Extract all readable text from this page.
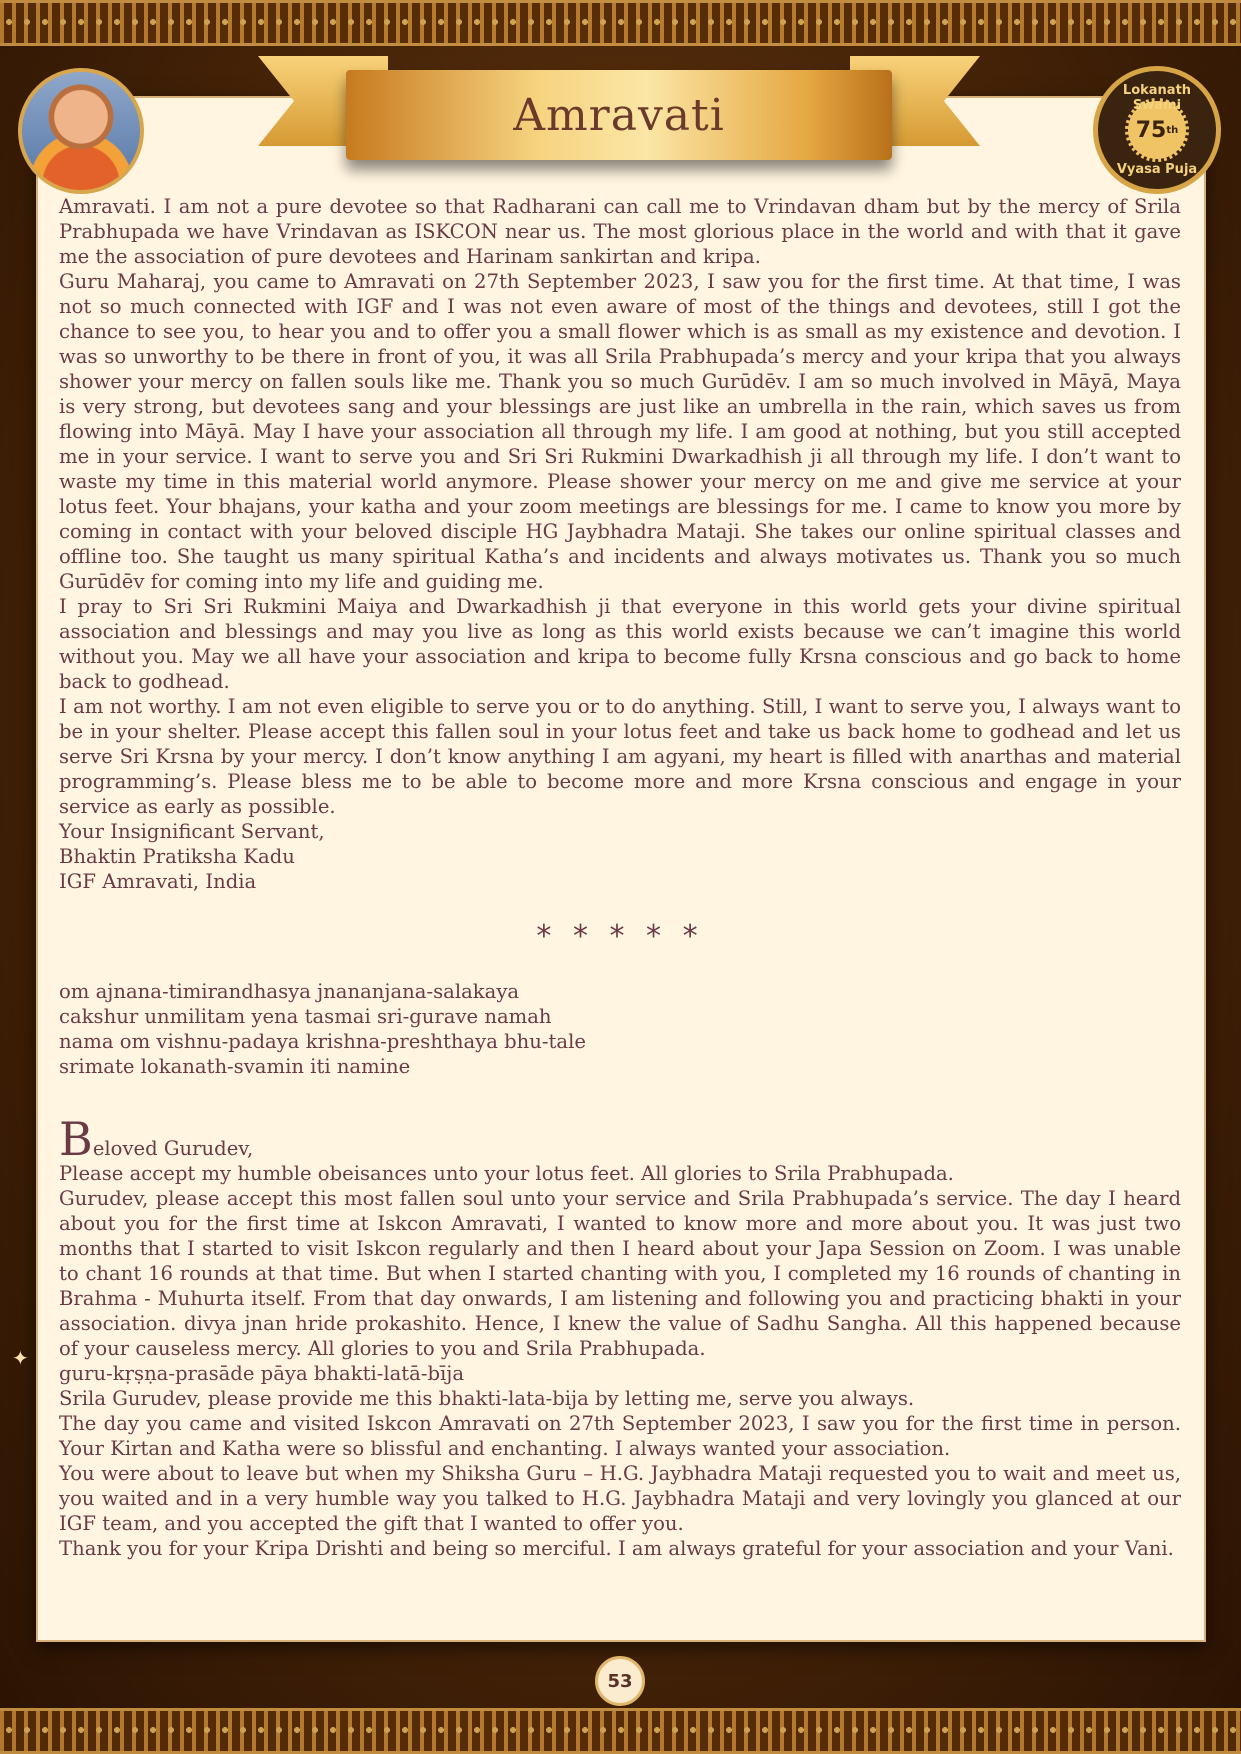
Amravati	Lokanath Swami
75 th
Vyasa Puja

Amravati. I am not a pure devotee so that Radharani can call me to Vrindavan dham but by the mercy of Srila Prabhupada we have Vrindavan as ISKCON near us. The most glorious place in the world and with that it gave me the association of pure devotees and Harinam sankirtan and kripa.

Guru Maharaj, you came to Amravati on 27th September 2023, I saw you for the first time. At that time, I was not so much connected with IGF and I was not even aware of most of the things and devotees, still I got the chance to see you, to hear you and to offer you a small flower which is as small as my existence and devotion. I was so unworthy to be there in front of you, it was all Srila Prabhupada’s mercy and your kripa that you always shower your mercy on fallen souls like me. Thank you so much Gurūdēv. I am so much involved in Māyā, Maya is very strong, but devotees sang and your blessings are just like an umbrella in the rain, which saves us from flowing into Māyā. May I have your association all through my life. I am good at nothing, but you still accepted me in your service. I want to serve you and Sri Sri Rukmini Dwarkadhish ji all through my life. I don’t want to waste my time in this material world anymore. Please shower your mercy on me and give me service at your lotus feet. Your bhajans, your katha and your zoom meetings are blessings for me. I came to know you more by coming in contact with your beloved disciple HG Jaybhadra Mataji. She takes our online spiritual classes and offline too. She taught us many spiritual Katha’s and incidents and always motivates us. Thank you so much Gurūdēv for coming into my life and guiding me.

I pray to Sri Sri Rukmini Maiya and Dwarkadhish ji that everyone in this world gets your divine spiritual association and blessings and may you live as long as this world exists because we can’t imagine this world without you. May we all have your association and kripa to become fully Krsna conscious and go back to home back to godhead.

I am not worthy. I am not even eligible to serve you or to do anything. Still, I want to serve you, I always want to be in your shelter. Please accept this fallen soul in your lotus feet and take us back home to godhead and let us serve Sri Krsna by your mercy. I don’t know anything I am agyani, my heart is filled with anarthas and material programming’s. Please bless me to be able to become more and more Krsna conscious and engage in your service as early as possible.

Your Insignificant Servant,

Bhaktin Pratiksha Kadu

IGF Amravati, India

* * * * *

om ajnana-timirandhasya jnananjana-salakaya

cakshur unmilitam yena tasmai sri-gurave namah

nama om vishnu-padaya krishna-preshthaya bhu-tale

srimate lokanath-svamin iti namine

Beloved Gurudev,

Please accept my humble obeisances unto your lotus feet. All glories to Srila Prabhupada.

Gurudev, please accept this most fallen soul unto your service and Srila Prabhupada’s service. The day I heard about you for the first time at Iskcon Amravati, I wanted to know more and more about you. It was just two months that I started to visit Iskcon regularly and then I heard about your Japa Session on Zoom. I was unable to chant 16 rounds at that time. But when I started chanting with you, I completed my 16 rounds of chanting in Brahma - Muhurta itself. From that day onwards, I am listening and following you and practicing bhakti in your association. divya jnan hride prokashito. Hence, I knew the value of Sadhu Sangha. All this happened because of your causeless mercy. All glories to you and Srila Prabhupada.

guru-kṛṣṇa-prasāde pāya bhakti-latā-bīja

Srila Gurudev, please provide me this bhakti-lata-bija by letting me, serve you always.

The day you came and visited Iskcon Amravati on 27th September 2023, I saw you for the first time in person. Your Kirtan and Katha were so blissful and enchanting. I always wanted your association.

You were about to leave but when my Shiksha Guru – H.G. Jaybhadra Mataji requested you to wait and meet us, you waited and in a very humble way you talked to H.G. Jaybhadra Mataji and very lovingly you glanced at our IGF team, and you accepted the gift that I wanted to offer you.

Thank you for your Kripa Drishti and being so merciful. I am always grateful for your association and your Vani.

✦
53
